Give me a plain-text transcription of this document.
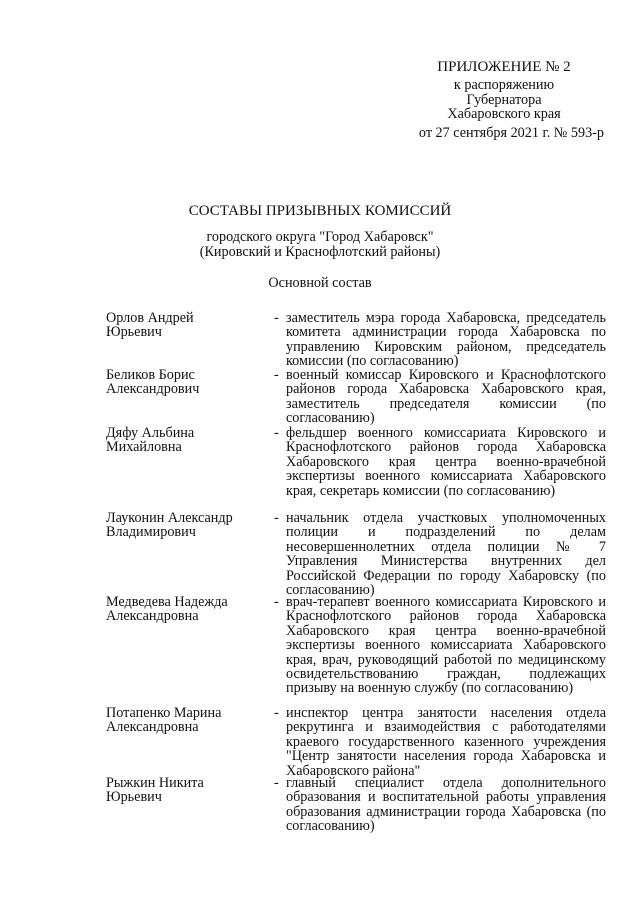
ПРИЛОЖЕНИЕ № 2
к распоряжению
Губернатора
Хабаровского края
от 27 сентября 2021 г. № 593-р
СОСТАВЫ ПРИЗЫВНЫХ КОМИССИЙ
городского округа "Город Хабаровск"
(Кировский и Краснофлотский районы)
Основной состав
Орлов Андрей
Юрьевич
- заместитель мэра города Хабаровска, председатель комитета администрации города Хабаровска по управлению Кировским районом, председатель комиссии (по согласованию)
Беликов Борис
Александрович
- военный комиссар Кировского и Краснофлотского районов города Хабаровска Хабаровского края, заместитель председателя комиссии (по согласованию)
Дяфу Альбина
Михайловна
- фельдшер военного комиссариата Кировского и Краснофлотского районов города Хабаровска Хабаровского края центра военно-врачебной экспертизы военного комиссариата Хабаровского края, секретарь комиссии (по согласованию)
Лауконин Александр
Владимирович
- начальник отдела участковых уполномоченных полиции и подразделений по делам несовершеннолетних отдела полиции № 7 Управления Министерства внутренних дел Российской Федерации по городу Хабаровску (по согласованию)
Медведева Надежда
Александровна
- врач-терапевт военного комиссариата Кировского и Краснофлотского районов города Хабаровска Хабаровского края центра военно-врачебной экспертизы военного комиссариата Хабаровского края, врач, руководящий работой по медицинскому освидетельствованию граждан, подлежащих призыву на военную службу (по согласованию)
Потапенко Марина
Александровна
- инспектор центра занятости населения отдела рекрутинга и взаимодействия с работодателями краевого государственного казенного учреждения "Центр занятости населения города Хабаровска и Хабаровского района"
Рыжкин Никита
Юрьевич
- главный специалист отдела дополнительного образования и воспитательной работы управления образования администрации города Хабаровска (по согласованию)
